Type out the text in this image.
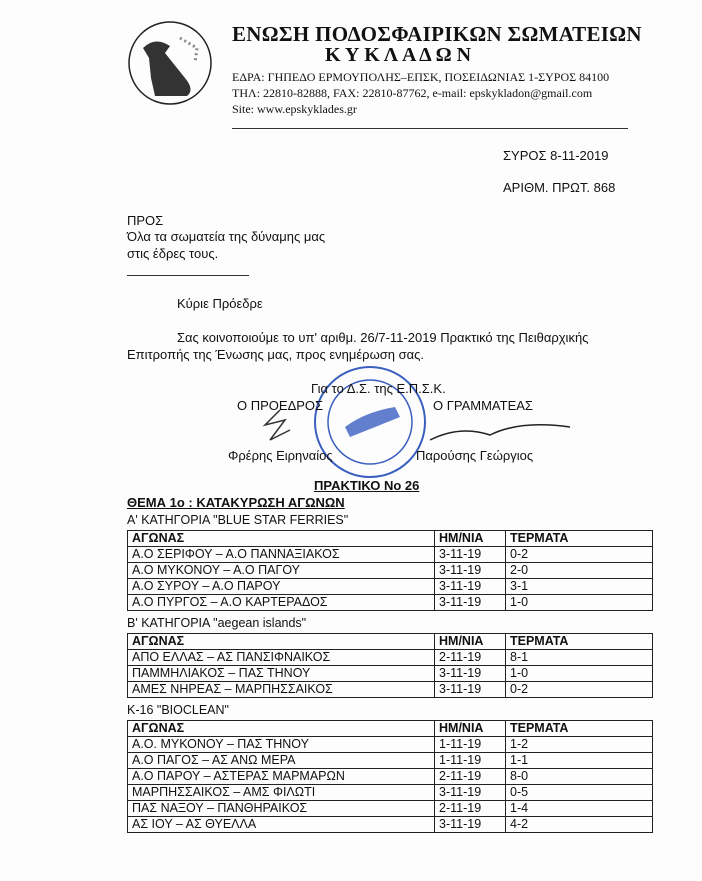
ΕΝΩΣΗ ΠΟΔΟΣΦΑΙΡΙΚΩΝ ΣΩΜΑΤΕΙΩΝ
Κ Υ Κ Λ Α Δ Ω Ν
ΕΔΡΑ: ΓΗΠΕΔΟ ΕΡΜΟΥΠΟΛΗΣ–ΕΠΣΚ, ΠΟΣΕΙΔΩΝΙΑΣ 1-ΣΥΡΟΣ 84100
ΤΗΛ: 22810-82888, FAX: 22810-87762, e-mail: epskykladon@gmail.com
Site: www.epskyklades.gr
ΣΥΡΟΣ 8-11-2019
ΑΡΙΘΜ. ΠΡΩΤ. 868
ΠΡΟΣ
Όλα τα σωματεία της δύναμης μας
στις έδρες τους.
Κύριε Πρόεδρε
Σας κοινοποιούμε το υπ' αριθμ. 26/7-11-2019 Πρακτικό της Πειθαρχικής
Επιτροπής της Ένωσης μας, προς ενημέρωση σας.
Για το Δ.Σ. της Ε.Π.Σ.Κ.
Ο ΠΡΟΕΔΡΟΣ	Ο ΓΡΑΜΜΑΤΕΑΣ
Φρέρης Ειρηναίος	Παρούσης Γεώργιος
ΠΡΑΚΤΙΚΟ Νο 26
ΘΕΜΑ 1ο : ΚΑΤΑΚΥΡΩΣΗ ΑΓΩΝΩΝ
Α' ΚΑΤΗΓΟΡΙΑ "BLUE STAR FERRIES"
ΑΓΩΝΑΣ	ΗΜ/ΝΙΑ	ΤΕΡΜΑΤΑ
Α.Ο ΣΕΡΙΦΟΥ – Α.Ο ΠΑΝΝΑΞΙΑΚΟΣ	3-11-19	0-2
Α.Ο ΜΥΚΟΝΟΥ – Α.Ο ΠΑΓΟΥ	3-11-19	2-0
Α.Ο ΣΥΡΟΥ – Α.Ο ΠΑΡΟΥ	3-11-19	3-1
Α.Ο ΠΥΡΓΟΣ – Α.Ο ΚΑΡΤΕΡΑΔΟΣ	3-11-19	1-0
Β' ΚΑΤΗΓΟΡΙΑ "aegean islands"
ΑΓΩΝΑΣ	ΗΜ/ΝΙΑ	ΤΕΡΜΑΤΑ
ΑΠΟ ΕΛΛΑΣ – ΑΣ ΠΑΝΣΙΦΝΑΙΚΟΣ	2-11-19	8-1
ΠΑΜΜΗΛΙΑΚΟΣ – ΠΑΣ ΤΗΝΟΥ	3-11-19	1-0
ΑΜΕΣ ΝΗΡΕΑΣ – ΜΑΡΠΗΣΣΑΙΚΟΣ	3-11-19	0-2
Κ-16 "BIOCLEAN"
ΑΓΩΝΑΣ	ΗΜ/ΝΙΑ	ΤΕΡΜΑΤΑ
Α.Ο. ΜΥΚΟΝΟΥ – ΠΑΣ ΤΗΝΟΥ	1-11-19	1-2
Α.Ο ΠΑΓΟΣ – ΑΣ ΑΝΩ ΜΕΡΑ	1-11-19	1-1
Α.Ο ΠΑΡΟΥ – ΑΣΤΕΡΑΣ ΜΑΡΜΑΡΩΝ	2-11-19	8-0
ΜΑΡΠΗΣΣΑΙΚΟΣ – ΑΜΣ ΦΙΛΩΤΙ	3-11-19	0-5
ΠΑΣ ΝΑΞΟΥ – ΠΑΝΘΗΡΑΙΚΟΣ	2-11-19	1-4
ΑΣ ΙΟΥ – ΑΣ ΘΥΕΛΛΑ	3-11-19	4-2
